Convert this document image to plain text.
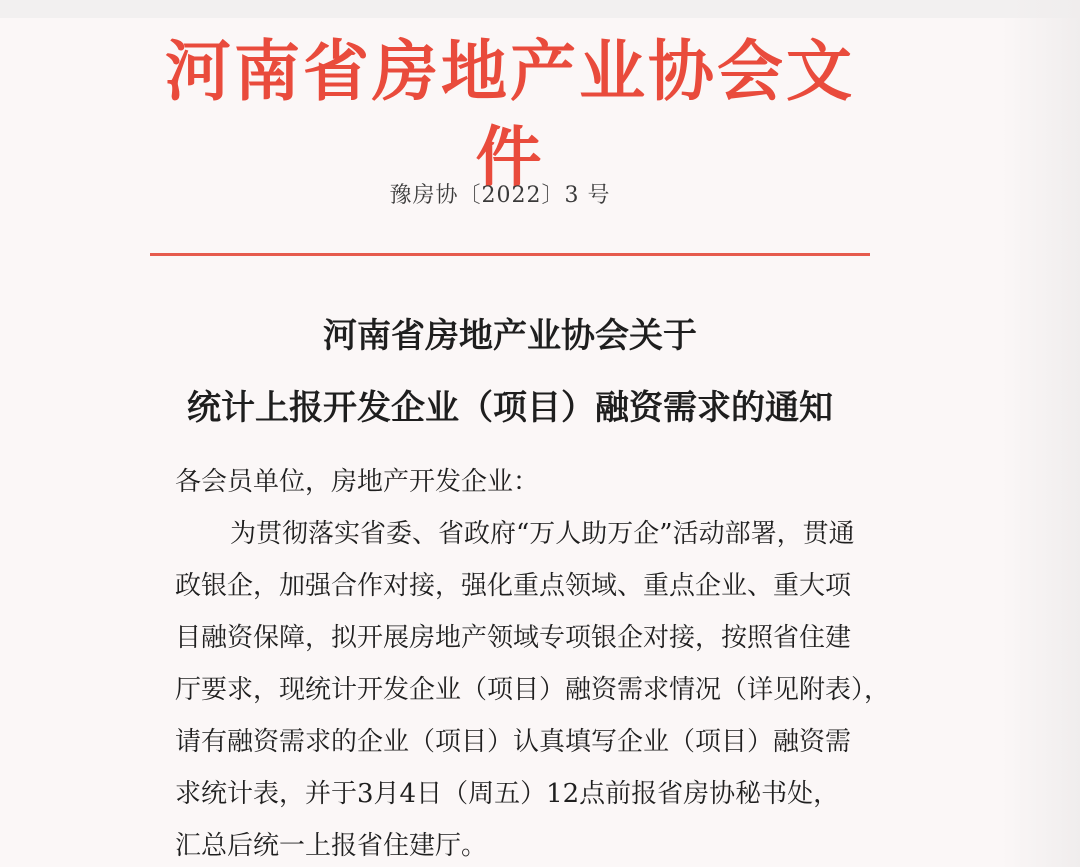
河南省房地产业协会文件
豫房协〔2022〕3 号
河南省房地产业协会关于
统计上报开发企业（项目）融资需求的通知
各会员单位，房地产开发企业：
为贯彻落实省委、省政府“万人助万企”活动部署，贯通
政银企，加强合作对接，强化重点领域、重点企业、重大项
目融资保障，拟开展房地产领域专项银企对接，按照省住建
厅要求，现统计开发企业（项目）融资需求情况（详见附表），
请有融资需求的企业（项目）认真填写企业（项目）融资需
求统计表，并于3月4日（周五）12点前报省房协秘书处，
汇总后统一上报省住建厅。
